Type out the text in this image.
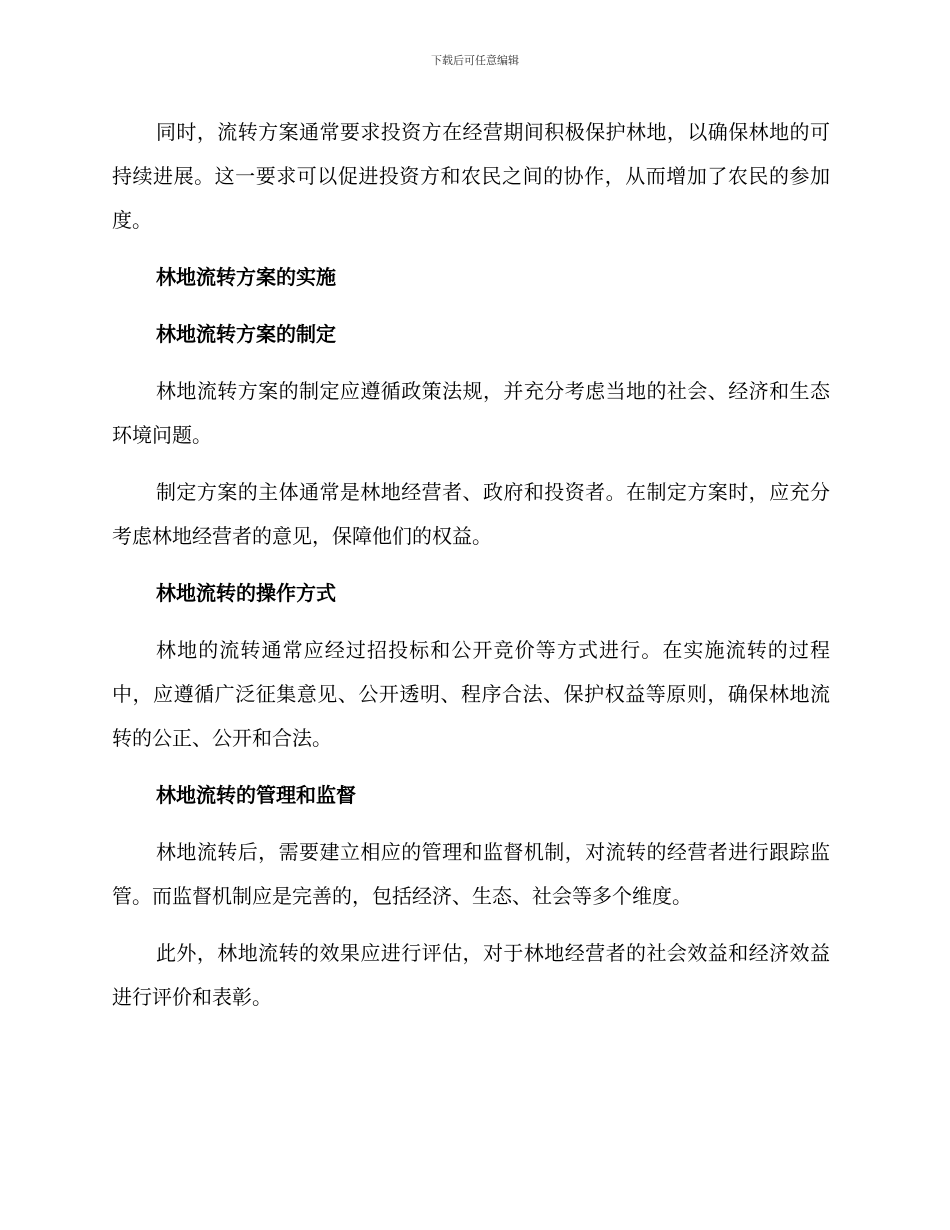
下载后可任意编辑

同时，流转方案通常要求投资方在经营期间积极保护林地，以确保林地的可持续进展。这一要求可以促进投资方和农民之间的协作，从而增加了农民的参加度。

林地流转方案的实施

林地流转方案的制定

林地流转方案的制定应遵循政策法规，并充分考虑当地的社会、经济和生态环境问题。

制定方案的主体通常是林地经营者、政府和投资者。在制定方案时，应充分考虑林地经营者的意见，保障他们的权益。

林地流转的操作方式

林地的流转通常应经过招投标和公开竞价等方式进行。在实施流转的过程中，应遵循广泛征集意见、公开透明、程序合法、保护权益等原则，确保林地流转的公正、公开和合法。

林地流转的管理和监督

林地流转后，需要建立相应的管理和监督机制，对流转的经营者进行跟踪监管。而监督机制应是完善的，包括经济、生态、社会等多个维度。

此外，林地流转的效果应进行评估，对于林地经营者的社会效益和经济效益进行评价和表彰。
